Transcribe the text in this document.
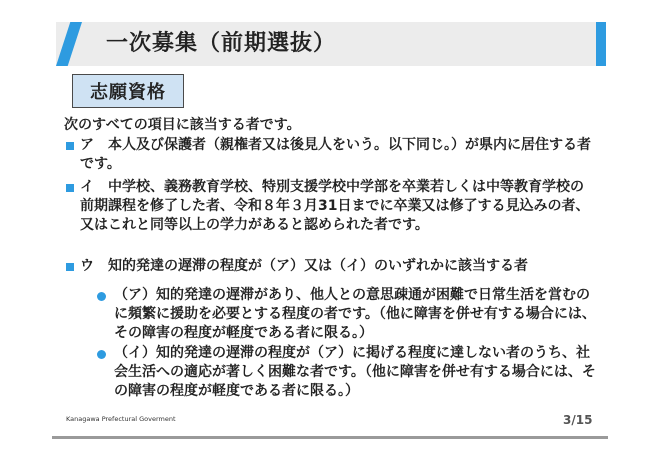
一次募集（前期選抜）
志願資格
次のすべての項目に該当する者です。
ア　本人及び保護者（親権者又は後見人をいう。以下同じ。）が県内に居住する者です。
イ　中学校、義務教育学校、特別支援学校中学部を卒業若しくは中等教育学校の前期課程を修了した者、令和８年３月31日までに卒業又は修了する見込みの者、又はこれと同等以上の学力があると認められた者です。
ウ　知的発達の遅滞の程度が（ア）又は（イ）のいずれかに該当する者
（ア）知的発達の遅滞があり、他人との意思疎通が困難で日常生活を営むのに頻繁に援助を必要とする程度の者です。（他に障害を併せ有する場合には、その障害の程度が軽度である者に限る。）
（イ）知的発達の遅滞の程度が（ア）に掲げる程度に達しない者のうち、社会生活への適応が著しく困難な者です。（他に障害を併せ有する場合には、その障害の程度が軽度である者に限る。）
Kanagawa Prefectural Goverment	3/15
